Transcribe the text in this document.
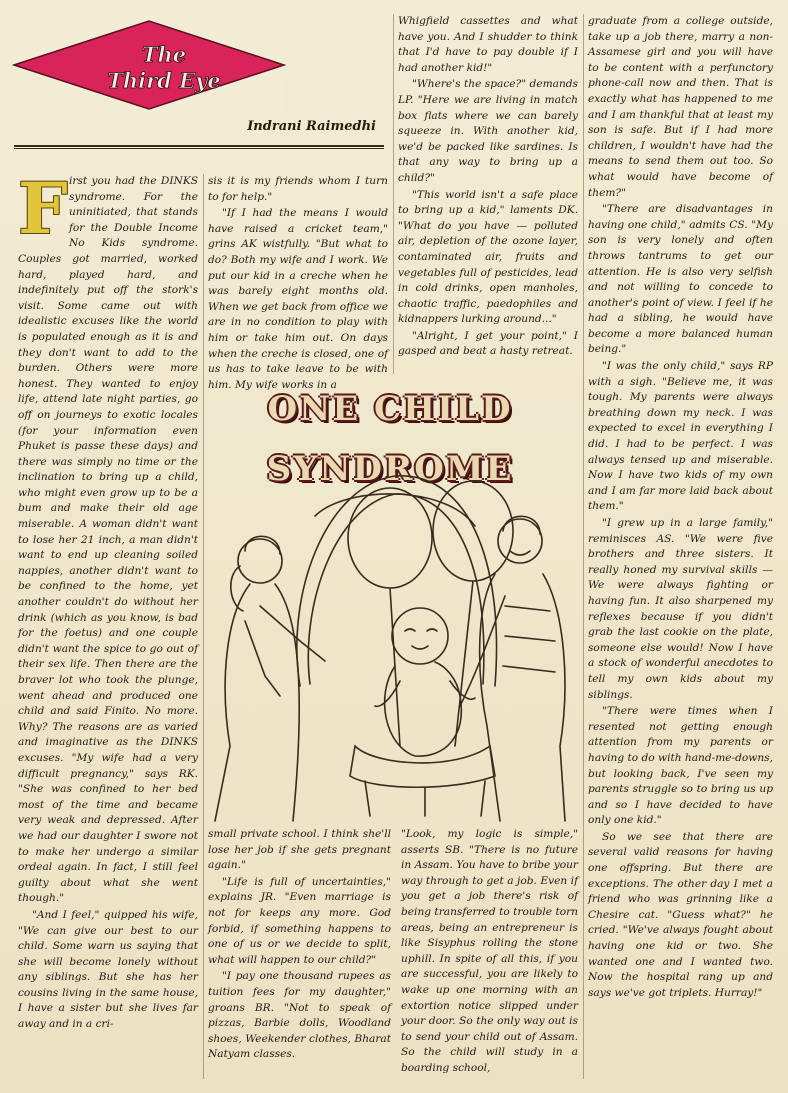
The
Third Eye
Indrani Raimedhi
F irst you had the DINKS syndrome. For the uninitiated, that stands for the Double Income No Kids syndrome. Couples got married, worked hard, played hard, and indefinitely put off the stork's visit. Some came out with idealistic excuses like the world is populated enough as it is and they don't want to add to the burden. Others were more honest. They wanted to enjoy life, attend late night parties, go off on journeys to exotic locales (for your information even Phuket is passe these days) and there was simply no time or the inclination to bring up a child, who might even grow up to be a bum and make their old age miserable. A woman didn't want to lose her 21 inch, a man didn't want to end up cleaning soiled nappies, another didn't want to be confined to the home, yet another couldn't do without her drink (which as you know, is bad for the foetus) and one couple didn't want the spice to go out of their sex life. Then there are the braver lot who took the plunge, went ahead and produced one child and said Finito. No more. Why? The reasons are as varied and imaginative as the DINKS excuses. "My wife had a very difficult pregnancy," says RK. "She was confined to her bed most of the time and became very weak and depressed. After we had our daughter I swore not to make her undergo a similar ordeal again. In fact, I still feel guilty about what she went though."

"And I feel," quipped his wife, "We can give our best to our child. Some warn us saying that she will become lonely without any siblings. But she has her cousins living in the same house, I have a sister but she lives far away and in a cri-

sis it is my friends whom I turn to for help."

"If I had the means I would have raised a cricket team," grins AK wistfully. "But what to do? Both my wife and I work. We put our kid in a creche when he was barely eight months old. When we get back from office we are in no condition to play with him or take him out. On days when the creche is closed, one of us has to take leave to be with him. My wife works in a

Whigfield cassettes and what have you. And I shudder to think that I'd have to pay double if I had another kid!"

"Where's the space?" demands LP. "Here we are living in match box flats where we can barely squeeze in. With another kid, we'd be packed like sardines. Is that any way to bring up a child?"

"This world isn't a safe place to bring up a kid," laments DK. "What do you have — polluted air, depletion of the ozone layer, contaminated air, fruits and vegetables full of pesticides, lead in cold drinks, open manholes, chaotic traffic, paedophiles and kidnappers lurking around..."

"Alright, I get your point," I gasped and beat a hasty retreat.

graduate from a college outside, take up a job there, marry a non-Assamese girl and you will have to be content with a perfunctory phone-call now and then. That is exactly what has happened to me and I am thankful that at least my son is safe. But if I had more children, I wouldn't have had the means to send them out too. So what would have become of them?"

"There are disadvantages in having one child," admits CS. "My son is very lonely and often throws tantrums to get our attention. He is also very selfish and not willing to concede to another's point of view. I feel if he had a sibling, he would have become a more balanced human being."

"I was the only child," says RP with a sigh. "Believe me, it was tough. My parents were always breathing down my neck. I was expected to excel in everything I did. I had to be perfect. I was always tensed up and miserable. Now I have two kids of my own and I am far more laid back about them."

"I grew up in a large family," reminisces AS. "We were five brothers and three sisters. It really honed my survival skills — We were always fighting or having fun. It also sharpened my reflexes because if you didn't grab the last cookie on the plate, someone else would! Now I have a stock of wonderful anecdotes to tell my own kids about my siblings.

"There were times when I resented not getting enough attention from my parents or having to do with hand-me-downs, but looking back, I've seen my parents struggle so to bring us up and so I have decided to have only one kid."

So we see that there are several valid reasons for having one offspring. But there are exceptions. The other day I met a friend who was grinning like a Chesire cat. "Guess what?" he cried. "We've always fought about having one kid or two. She wanted one and I wanted two. Now the hospital rang up and says we've got triplets. Hurray!"

ONE CHILD SYNDROME

small private school. I think she'll lose her job if she gets pregnant again."

"Life is full of uncertainties," explains JR. "Even marriage is not for keeps any more. God forbid, if something happens to one of us or we decide to split, what will happen to our child?"

"I pay one thousand rupees as tuition fees for my daughter," groans BR. "Not to speak of pizzas, Barbie dolls, Woodland shoes, Weekender clothes, Bharat Natyam classes.

"Look, my logic is simple," asserts SB. "There is no future in Assam. You have to bribe your way through to get a job. Even if you get a job there's risk of being transferred to trouble torn areas, being an entrepreneur is like Sisyphus rolling the stone uphill. In spite of all this, if you are successful, you are likely to wake up one morning with an extortion notice slipped under your door. So the only way out is to send your child out of Assam. So the child will study in a boarding school,
